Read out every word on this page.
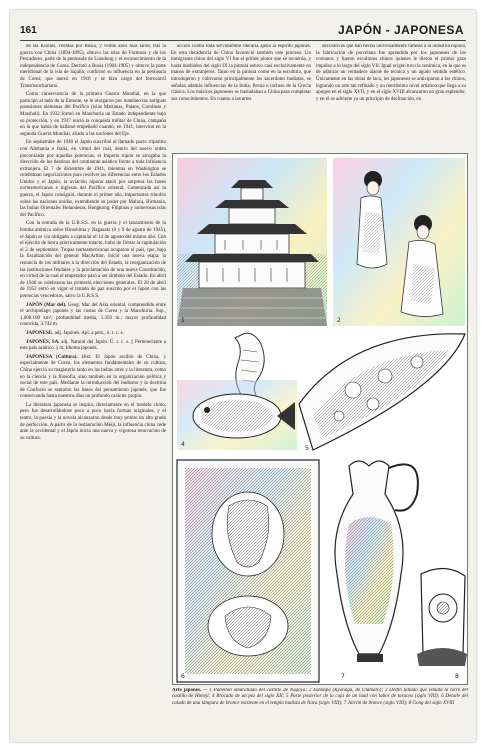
161	JAPÓN - JAPONESA

de las Kuriles, cedidas por Rusia, y veinte años más tarde, tras la guerra con China (1894-1895), obtuvo las islas de Formosa y de los Pescadores, parte de la península de Liaodung y el reconocimiento de la independencia de Corea. Derrotó a Rusia (1904-1905) y obtuvo la parte meridional de la isla de Sajalín, confirmó su influencia en la península de Corea, que anexó en 1910 y se hizo cargo del ferrocarril Transmanchuriano.

Como consecuencia de la primera Guerra Mundial, en la que participó al lado de la Entente, se le otorgaron por mandato las antiguas posesiones alemanas del Pacífico (islas Marianas, Palaos, Carolinas y Marshall). En 1932 formó en Manchuria un Estado independiente bajo su protección, y en 1937 inició la conquista militar de China, campaña en la que había de hallarse empeñado cuando, en 1941, intervino en la segunda Guerra Mundial, aliado a las naciones del Eje.

En septiembre de 1940 el Japón suscribió el llamado pacto tripartito con Alemania e Italia, en virtud del cual, dentro del nuevo orden preconizado por aquellas potencias, el Imperio nipón se arrogaba la dirección de los destinos del continente asiático frente a toda influencia extranjera. El 7 de diciembre de 1941, mientras en Washington se celebraban negociaciones para resolver las diferencias entre los Estados Unidos y el Japón, la aviación nipona atacó por sorpresa las bases norteamericanas e inglesas del Pacífico oriental. Comenzada así la guerra, el Japón consiguió, durante el primer año, importantes triunfos sobre las naciones unidas, extendiendo su poder por Malaca, Birmania, las Indias Orientales Holandesas, Hongkong, Filipinas y numerosas islas del Pacífico.

Con la entrada de la U.R.S.S. en la guerra y el lanzamiento de la bomba atómica sobre Hiroshima y Nagasaki (6 y 9 de agosto de 1945), el Japón se vio obligado a capitular el 14 de agosto del mismo año. Con el ejército de tierra prácticamente intacto, hubo de firmar la capitulación el 2 de septiembre. Tropas norteamericanas ocuparon el país, que, bajo la fiscalización del general MacArthur, inició una nueva etapa: la renuncia de los militares a la dirección del Estado, la reorganización de las instituciones feudales y la proclamación de una nueva Constitución, en virtud de la cual el emperador pasó a ser símbolo del Estado. En abril de 1946 se celebraron las primeras elecciones generales. El 28 de abril de 1952 entró en vigor el tratado de paz suscrito por el Japón con las potencias vencedoras, salvo la U.R.S.S.

JAPÓN (Mar del). Geog. Mar del Asia oriental, comprendido entre el archipiélago japonés y las costas de Corea y la Manchuria. Sup., 1.000.100 km²; profundidad media, 1.350 m.; mayor profundidad conocida, 3.742 m.

JAPONESE. adj. Japonés. Apl. a pers., ú. t. c. s.

JAPONÉS, SA. adj. Natural del Japón. Ú. t. c. s. || Perteneciente a este país asiático. || m. Idioma japonés.

JAPONESA (Cultura). Hist. El Japón recibió de China, y especialmente de Corea, los elementos fundamentales de su cultura, China ejerció su magisterio tanto en las bellas artes y la literatura, como en la ciencia y la filosofía, sino también en la organización política y social de este país. Mediante la introducción del budismo y la doctrina de Confucio se sentaron las bases del pensamiento japonés, que fue conservando hasta nuestros días un profundo carácter propio.

La literatura japonesa se inspira, directamente en el modelo chino, pero fue desarrollándose poco a poco hacia formas originales, y el teatro, la poesía y la novela alcanzaron desde muy pronto un alto grado de perfección. A partir de la restauración Meiji, la influencia china cede ante la occidental y el Japón inicia una nueva y vigorosa renovación de su cultura.

acción contra toda servidumbre literaria ajena al espíritu japonés. En esta decadencia de China favoreció también este proceso. Un inmigrante chino del siglo VI fue el primer pintor que se recuerda, y hasta mediados del siglo IX la pintura estuvo casi exclusivamente en manos de extranjeros. Tanto en la pintura como en la escultura, que introdujeron y cultivaron principalmente los sacerdotes budistas, se señalan además influencias de la India, Persia e incluso de la Grecia clásica. Los músicos japoneses se trasladaban a China para completar sus conocimientos. En cuanto a las artes

decorativas que han hecho universalmente famosa a la industria nipona, la fabricación de porcelana fue aprendida por los japoneses de los coreanos y fueron escultores chinos quienes le dieron el primer gran impulso a lo largo del siglo VII. Igual origen tuvo la cerámica, en la que es de admirar un verdadero alarde de técnica y un agudo sentido estético. Únicamente en las obras de laca, los japoneses se anticiparon a los chinos, logrando un arte tan refinado y un meritísimo nivel artístico que llega a su apogeo en el siglo XVII, y en el siglo XVIII alcanzaron un gran esplendor, y en él se advierte ya un principio de declinación, en

1	2
4
5
6	7	8
Arte japonés. — 1 Pabellón amurallado del castillo de Nagoya; 2 Estampa (Kyonaga, de Utamaro); 3 Delfín tallado que remata la torre del castillo de Himeji; 4 Brocado de un pez del siglo XII; 5 Parte posterior de la caja de un laúd con labor de taracea (siglo VIII); 6 Detalle del calado de una lámpara de bronce existente en el templo budista de Nara (siglo VIII); 7 Jarrón de bronce (siglo VIII); 8 Gong del siglo XVIII
